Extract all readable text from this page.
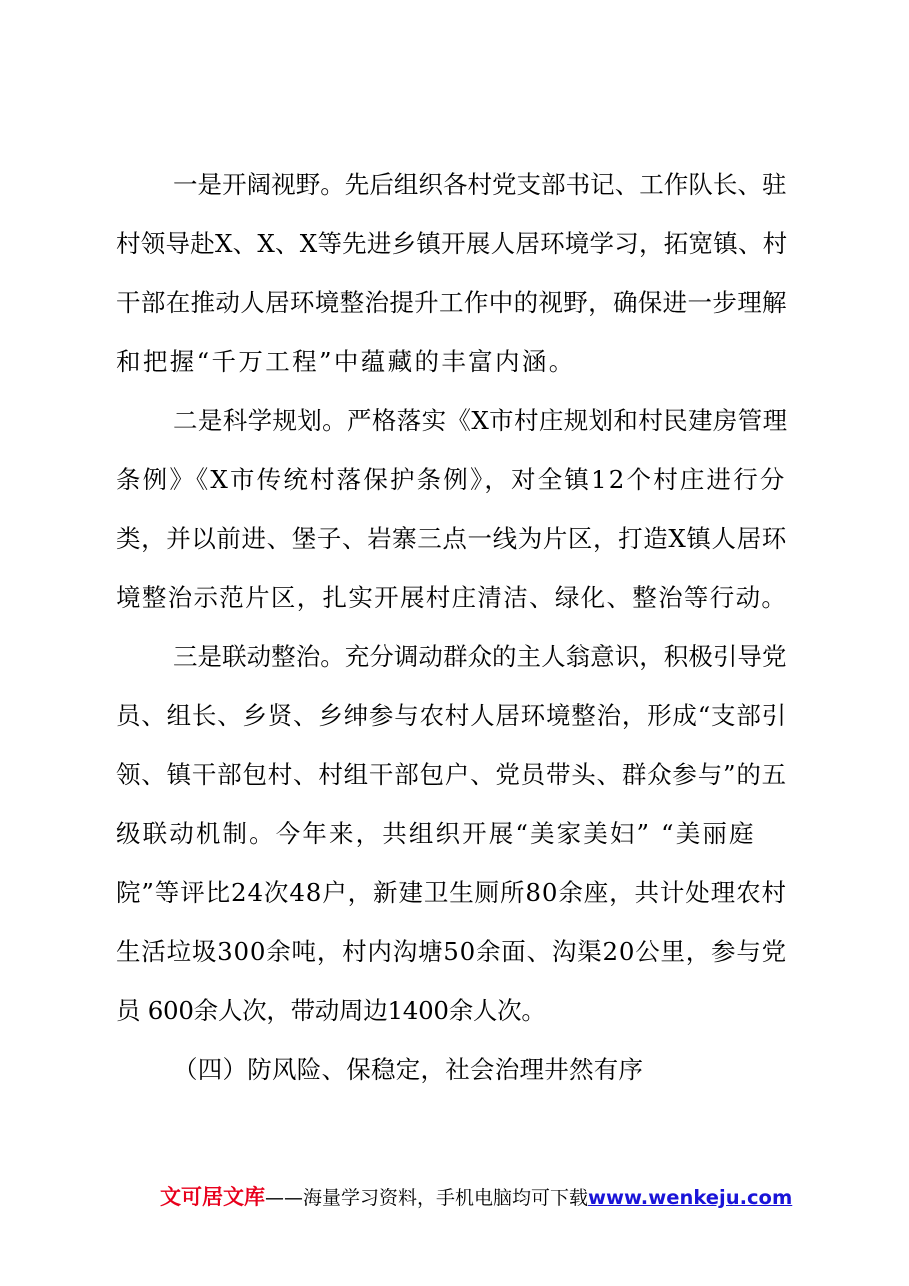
一是开阔视野。先后组织各村党支部书记、工作队长、驻
村领导赴X、X、X等先进乡镇开展人居环境学习，拓宽镇、村
干部在推动人居环境整治提升工作中的视野，确保进一步理解
和把握“千万工程”中蕴藏的丰富内涵。
二是科学规划。严格落实《X市村庄规划和村民建房管理
条例》《X市传统村落保护条例》，对全镇12个村庄进行分
类，并以前进、堡子、岩寨三点一线为片区，打造X镇人居环
境整治示范片区，扎实开展村庄清洁、绿化、整治等行动。
三是联动整治。充分调动群众的主人翁意识，积极引导党
员、组长、乡贤、乡绅参与农村人居环境整治，形成“支部引
领、镇干部包村、村组干部包户、党员带头、群众参与”的五
级联动机制。今年来，共组织开展“美家美妇” “美丽庭
院”等评比24次48户，新建卫生厕所80余座，共计处理农村
生活垃圾300余吨，村内沟塘50余面、沟渠20公里，参与党
员 600余人次，带动周边1400余人次。
（四）防风险、保稳定，社会治理井然有序
文可居文库——海量学习资料，手机电脑均可下载www.wenkeju.com
